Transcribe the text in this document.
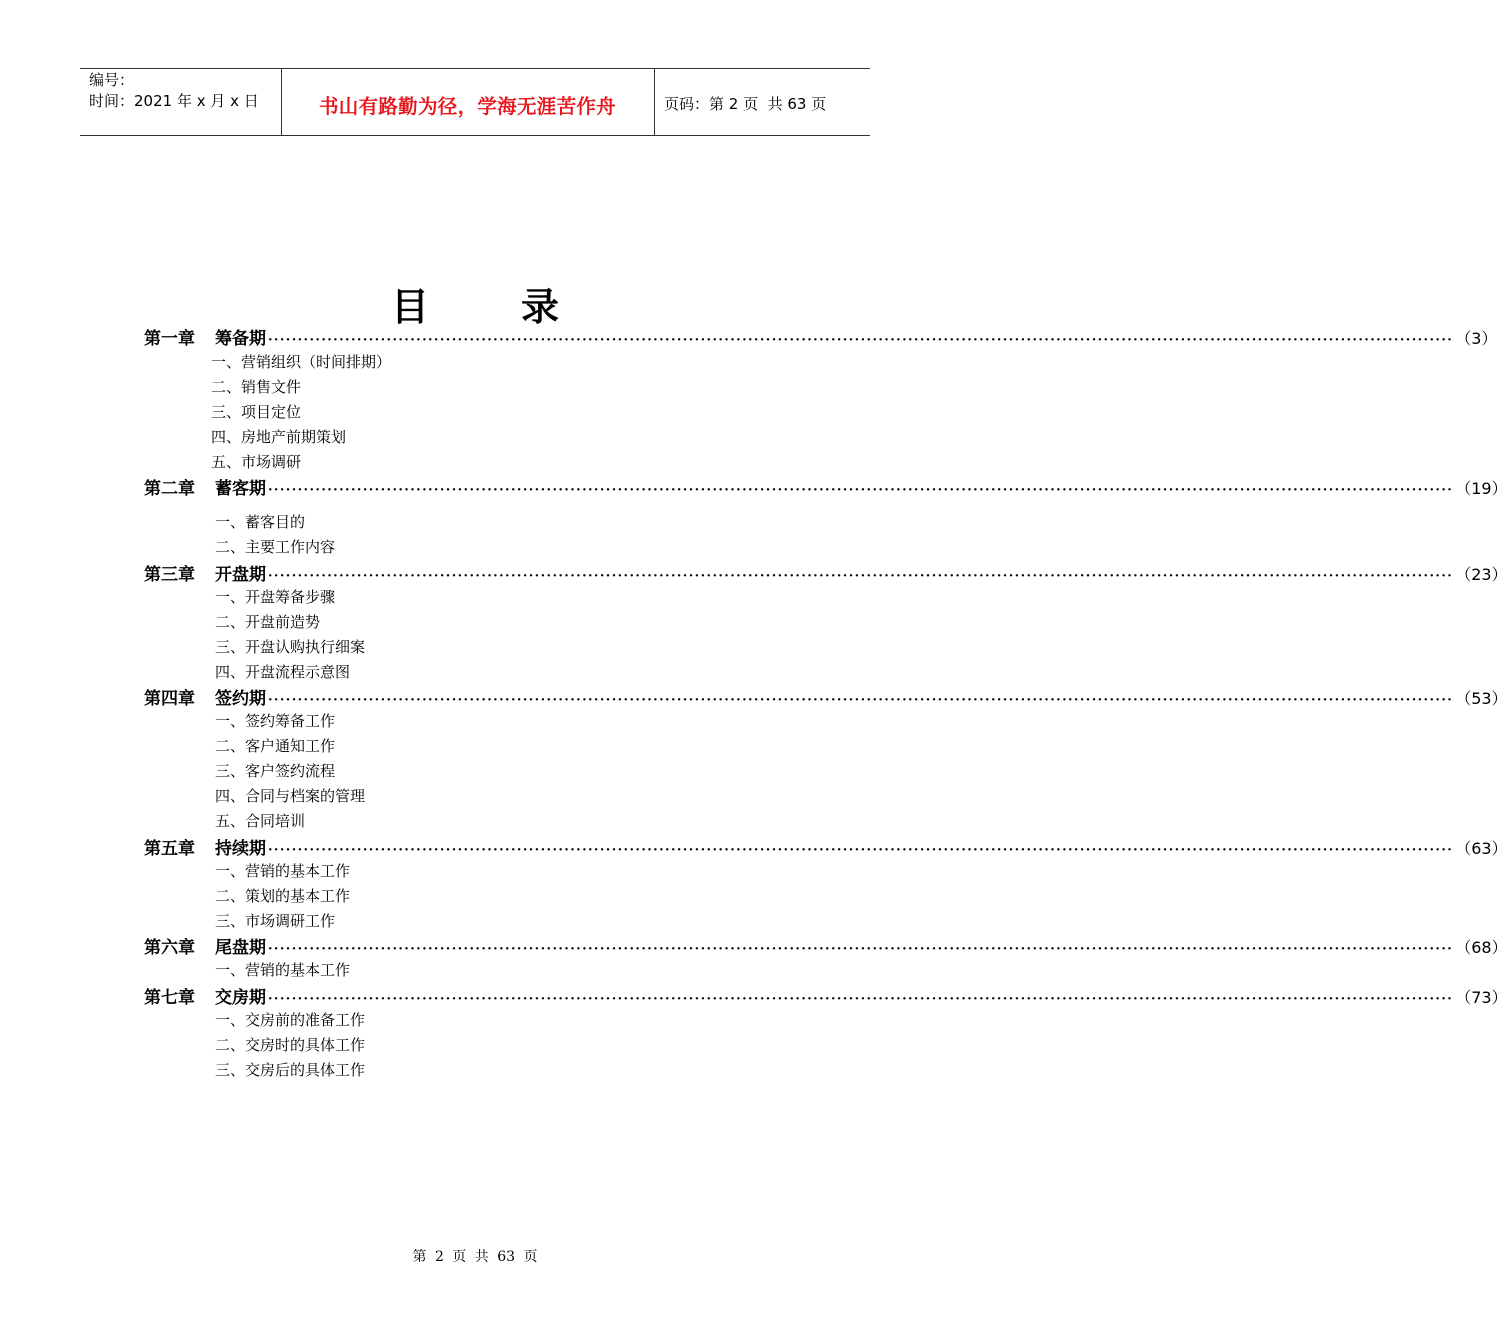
编号：
时间：2021 年 x 月 x 日	书山有路勤为径，学海无涯苦作舟	页码：第 2 页  共 63 页
目 录
第一章 筹备期 ········································································································································································································ （3）
一、营销组织（时间排期）
二、销售文件
三、项目定位
四、房地产前期策划
五、市场调研
第二章 蓄客期 ········································································································································································································ （19）
一、蓄客目的
二、主要工作内容
第三章 开盘期 ········································································································································································································ （23）
一、开盘筹备步骤
二、开盘前造势
三、开盘认购执行细案
四、开盘流程示意图
第四章 签约期 ········································································································································································································ （53）
一、签约筹备工作
二、客户通知工作
三、客户签约流程
四、合同与档案的管理
五、合同培训
第五章 持续期 ········································································································································································································ （63）
一、营销的基本工作
二、策划的基本工作
三、市场调研工作
第六章 尾盘期 ········································································································································································································ （68）
一、营销的基本工作
第七章 交房期 ········································································································································································································ （73）
一、交房前的准备工作
二、交房时的具体工作
三、交房后的具体工作
第 2 页 共 63 页
